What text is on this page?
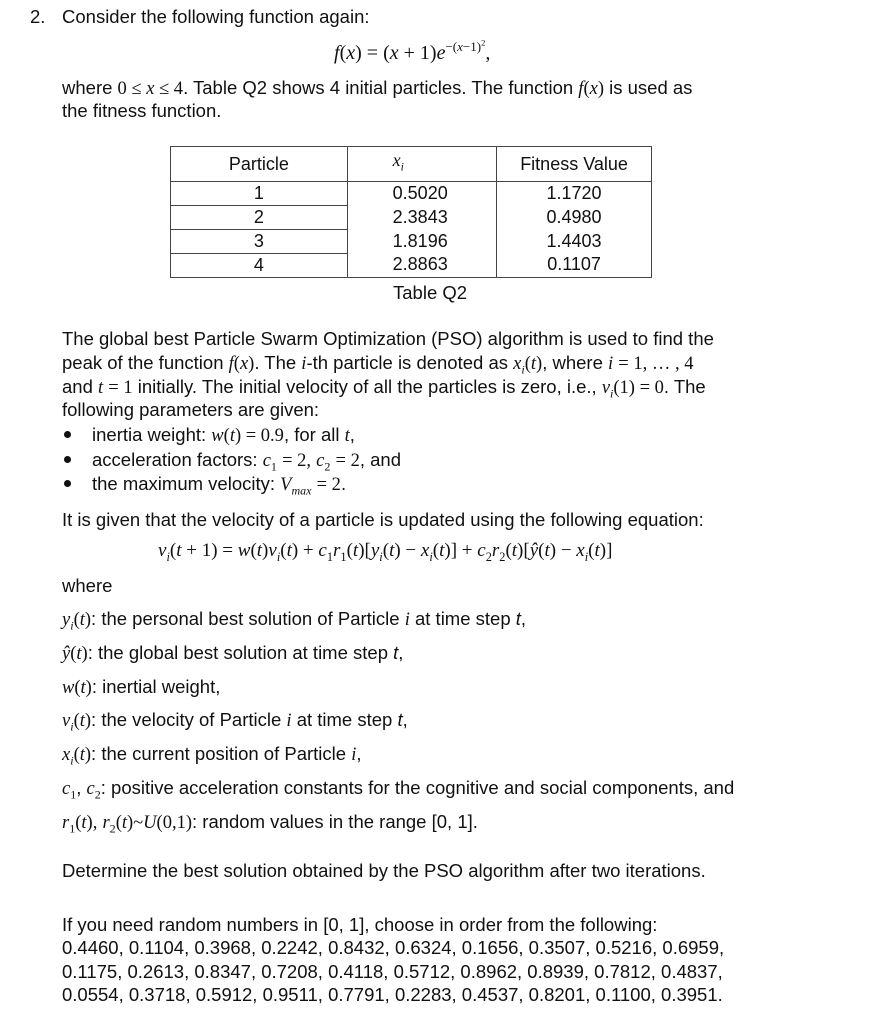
2. Consider the following function again:
$f(x) = (x + 1)e^{-(x-1)^2}$,
where 0 ≤ x ≤ 4. Table Q2 shows 4 initial particles. The function f(x) is used as
the fitness function.
Particle	$x_i$	Fitness Value
1	0.5020	1.1720
2	2.3843	0.4980
3	1.8196	1.4403
4	2.8863	0.1107
Table Q2
The global best Particle Swarm Optimization (PSO) algorithm is used to find the
peak of the function f(x). The i-th particle is denoted as $x_i(t)$, where i = 1, … , 4
and t = 1 initially. The initial velocity of all the particles is zero, i.e., $v_i(1) = 0$. The
following parameters are given:
inertia weight: w(t) = 0.9, for all t,
acceleration factors: $c_1 = 2$, $c_2 = 2$, and
the maximum velocity: $V_{max} = 2$.
It is given that the velocity of a particle is updated using the following equation:
$v_i(t + 1) = w(t)v_i(t) + c_1r_1(t)[y_i(t) - x_i(t)]$ + $c_2r_2(t)[ŷ(t) - x_i(t)]$
where
$y_i(t)$: the personal best solution of Particle i at time step t,
ŷ(t): the global best solution at time step t,
w(t): inertial weight,
$v_i(t)$: the velocity of Particle i at time step t,
$x_i(t)$: the current position of Particle i,
$c_1$, $c_2$: positive acceleration constants for the cognitive and social components, and
$r_1(t)$, $r_2(t)\sim U(0,1)$: random values in the range [0, 1].
Determine the best solution obtained by the PSO algorithm after two iterations.
If you need random numbers in [0, 1], choose in order from the following:
0.4460, 0.1104, 0.3968, 0.2242, 0.8432, 0.6324, 0.1656, 0.3507, 0.5216, 0.6959,
0.1175, 0.2613, 0.8347, 0.7208, 0.4118, 0.5712, 0.8962, 0.8939, 0.7812, 0.4837,
0.0554, 0.3718, 0.5912, 0.9511, 0.7791, 0.2283, 0.4537, 0.8201, 0.1100, 0.3951.
